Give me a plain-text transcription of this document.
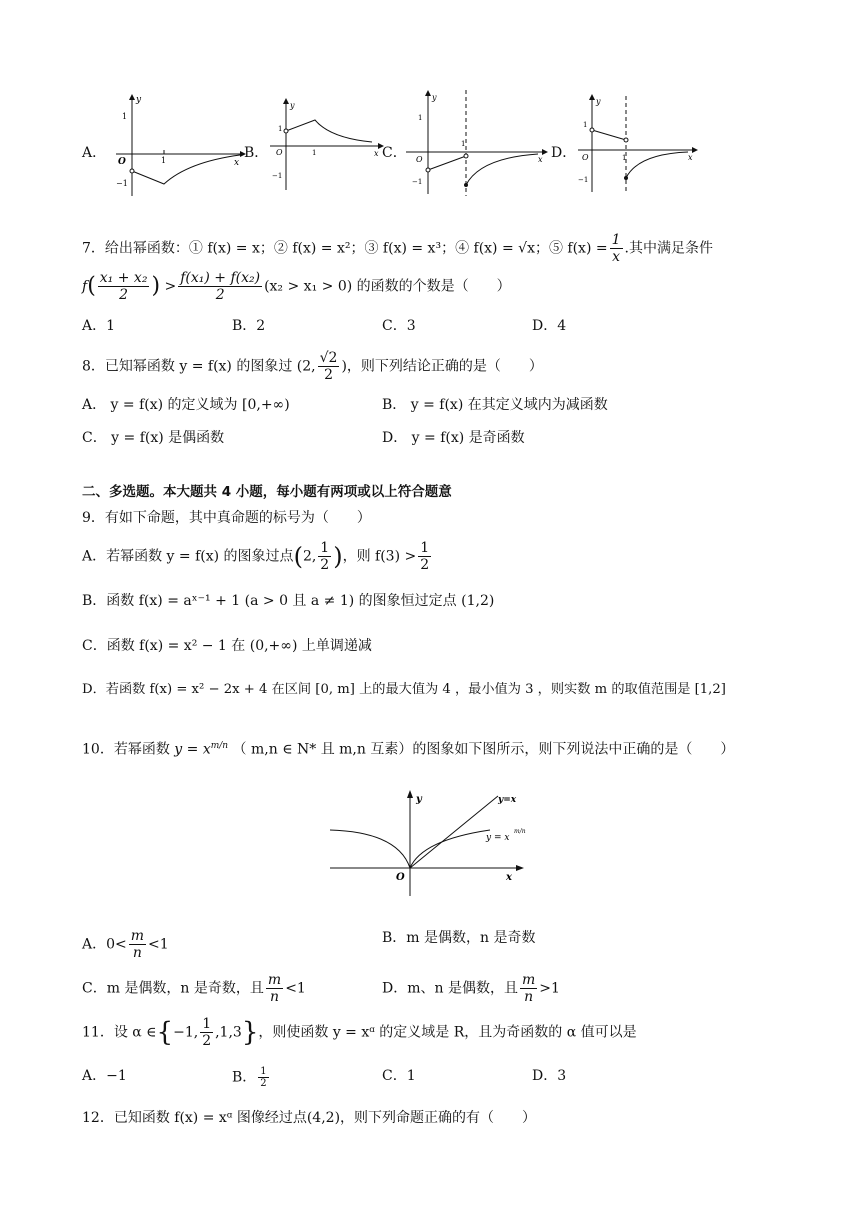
A．
y
x
O
1
−1
1	B．
y
x
O
1
−1
1	C．
y
x
O
1
−1
1
D．
y
x
O
1
−1
1
7．给出幂函数：① f(x) = x；② f(x) = x²；③ f(x) = x³；④ f(x) = √x；⑤ $f(x) = \frac{1}{x}$ .其中满足条件
$f( \frac{\text{x₁ + x₂}}{2}$ ) > $\frac{\text{f(x₁) + f(x₂)}}{2} (x_2 > x_1 > 0)$ 的函数的个数是（　　）
A．1	B．2	C．3	D．4
8．已知幂函数 y = f(x) 的图象过 (2, $\frac{√2}{2}$ )，则下列结论正确的是（　　）
A． y = f(x) 的定义域为 [0,+∞)	B． y = f(x) 在其定义域内为减函数
C． y = f(x) 是偶函数	D． y = f(x) 是奇函数
二、多选题。本大题共 4 小题，每小题有两项或以上符合题意
9．有如下命题，其中真命题的标号为（　　）
A．若幂函数 y = f(x) 的图象过点(2, $\frac{1}{2}$ )，则 $f(3) > \frac{1}{2}$
B．函数 f(x) = aˣ⁻¹ + 1 (a > 0 且 a ≠ 1) 的图象恒过定点 (1,2)
C．函数 f(x) = x² − 1 在 (0,+∞) 上单调递减
D．若函数 f(x) = x² − 2x + 4 在区间 [0, m] 上的最大值为 4 ，最小值为 3 ，则实数 m 的取值范围是 [1,2]
10．若幂函数 $y = x^{m/n}$ （ m,n ∈ N* 且 m,n 互素）的图象如下图所示，则下列说法中正确的是（　　）
y
x
O
y=x
y = x
m/n
A．$0< \frac{m}{n} <1$	B．m 是偶数，n 是奇数
C．m 是偶数，n 是奇数，且 $\frac{m}{n} <1$	D．m、n 是偶数，且 $\frac{m}{n} >1$
11．设 α ∈{−1, $\frac{1}{2} ,1,3$}，则使函数 y = xᵅ 的定义域是 R，且为奇函数的 α 值可以是
A．−1	B． $\frac{1}{2}$	C．1	D．3
12．已知函数 f(x) = xᵅ 图像经过点(4,2)，则下列命题正确的有（　　）
